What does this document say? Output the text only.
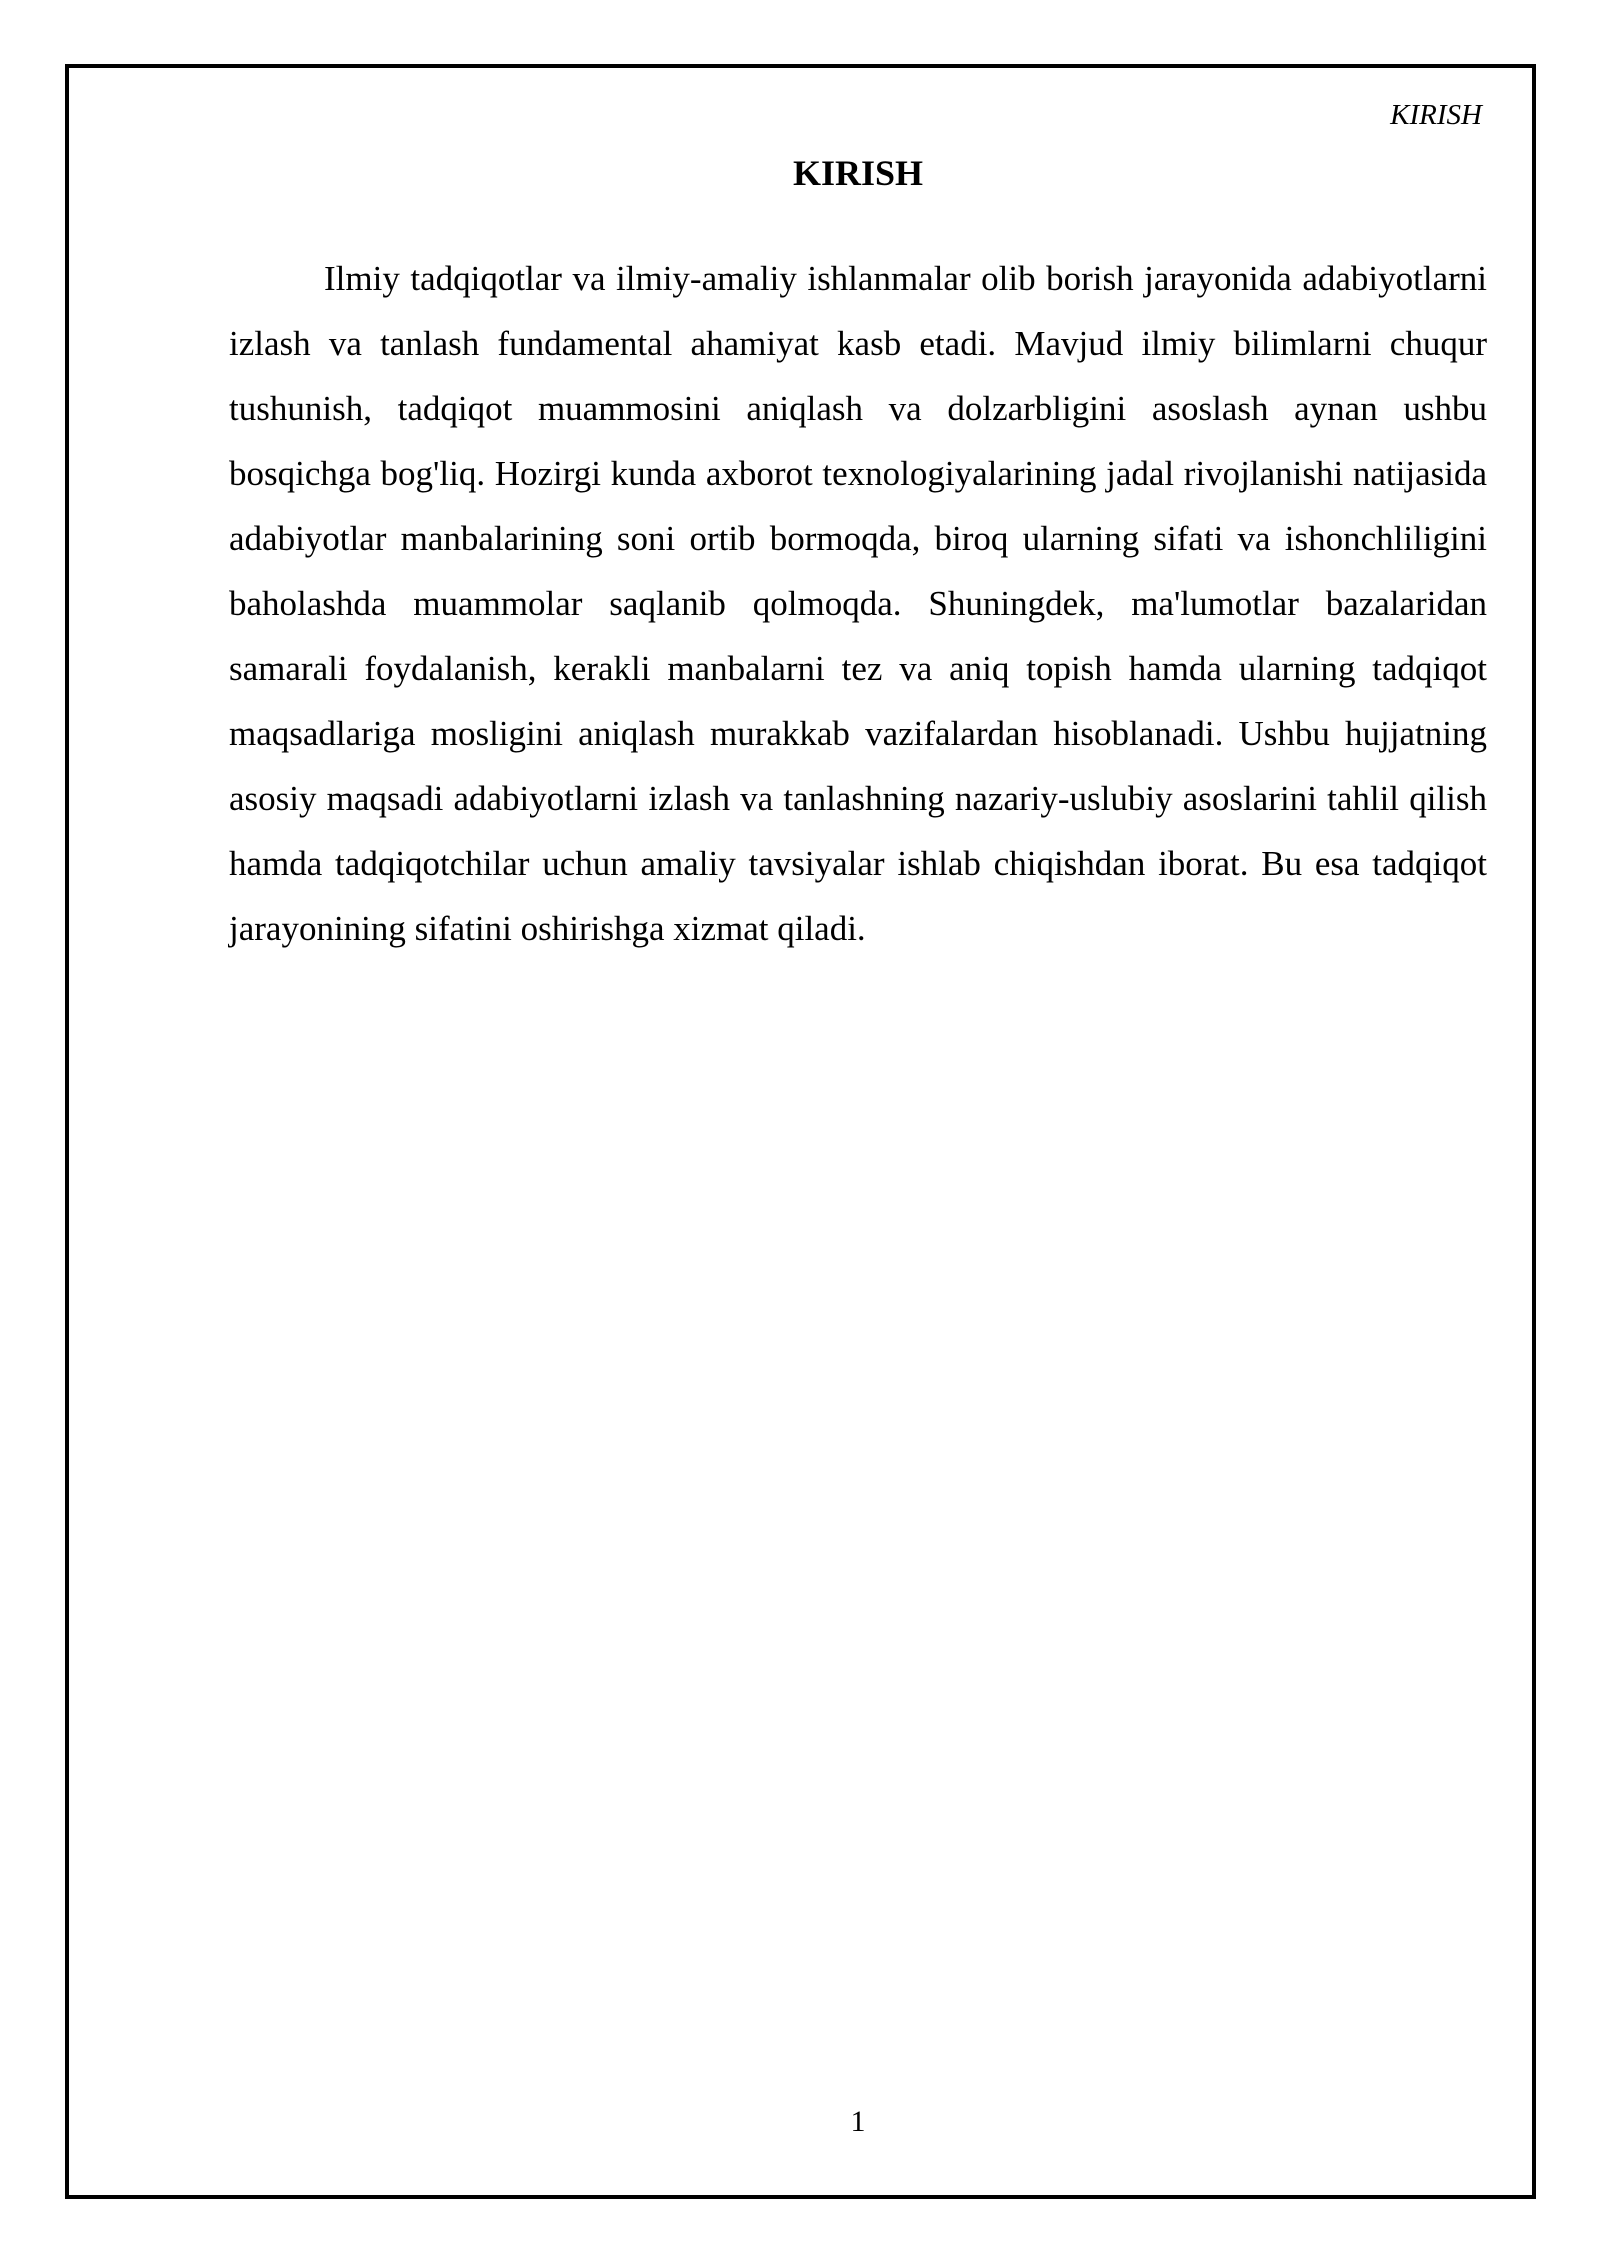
KIRISH
KIRISH

Ilmiy tadqiqotlar va ilmiy-amaliy ishlanmalar olib borish jarayonida adabiyotlarni izlash va tanlash fundamental ahamiyat kasb etadi. Mavjud ilmiy bilimlarni chuqur tushunish, tadqiqot muammosini aniqlash va dolzarbligini asoslash aynan ushbu bosqichga bog'liq. Hozirgi kunda axborot texnologiyalarining jadal rivojlanishi natijasida adabiyotlar manbalarining soni ortib bormoqda, biroq ularning sifati va ishonchliligini baholashda muammolar saqlanib qolmoqda. Shuningdek, ma'lumotlar bazalaridan samarali foydalanish, kerakli manbalarni tez va aniq topish hamda ularning tadqiqot maqsadlariga mosligini aniqlash murakkab vazifalardan hisoblanadi. Ushbu hujjatning asosiy maqsadi adabiyotlarni izlash va tanlashning nazariy-uslubiy asoslarini tahlil qilish hamda tadqiqotchilar uchun amaliy tavsiyalar ishlab chiqishdan iborat. Bu esa tadqiqot jarayonining sifatini oshirishga xizmat qiladi.

1
